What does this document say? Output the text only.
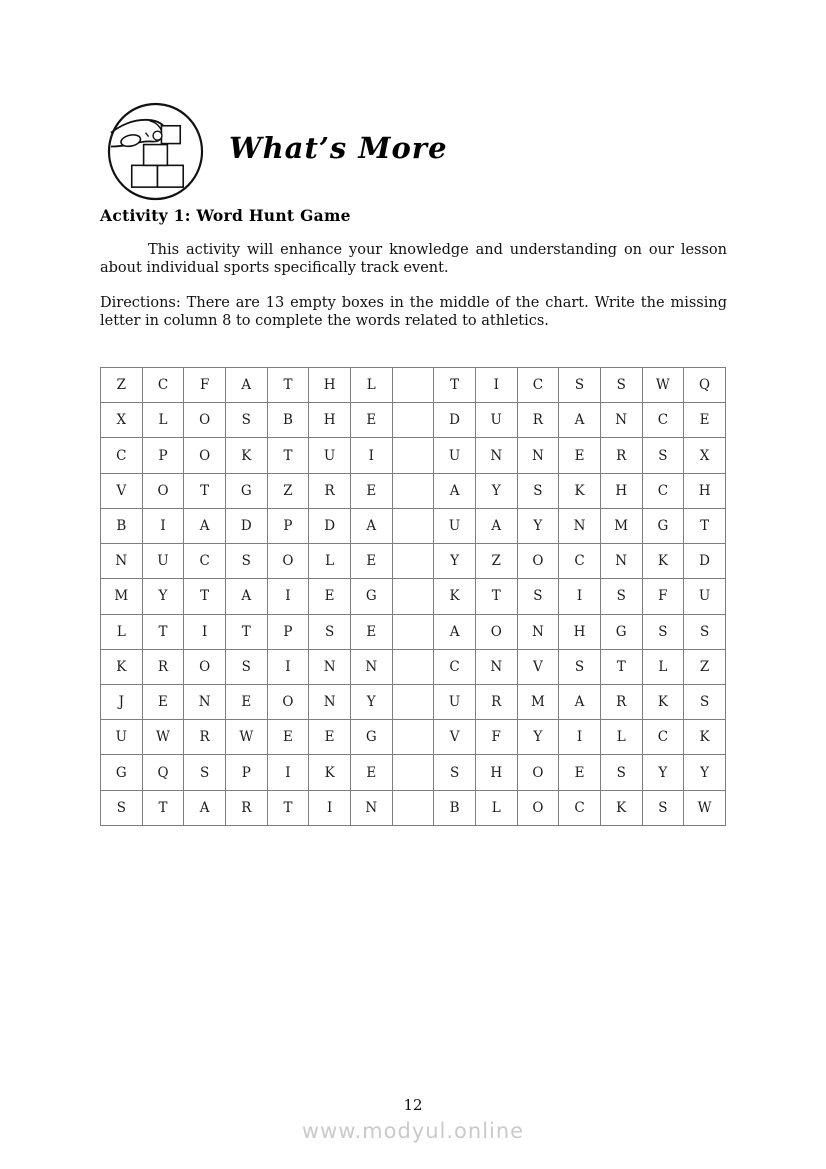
What’s More
Activity 1: Word Hunt Game

This activity will enhance your knowledge and understanding on our lesson about individual sports specifically track event.

Directions: There are 13 empty boxes in the middle of the chart. Write the missing letter in column 8 to complete the words related to athletics.

Z	C	F	A	T	H	L		T	I	C	S	S	W	Q
X	L	O	S	B	H	E		D	U	R	A	N	C	E
C	P	O	K	T	U	I		U	N	N	E	R	S	X
V	O	T	G	Z	R	E		A	Y	S	K	H	C	H
B	I	A	D	P	D	A		U	A	Y	N	M	G	T
N	U	C	S	O	L	E		Y	Z	O	C	N	K	D
M	Y	T	A	I	E	G		K	T	S	I	S	F	U
L	T	I	T	P	S	E		A	O	N	H	G	S	S
K	R	O	S	I	N	N		C	N	V	S	T	L	Z
J	E	N	E	O	N	Y		U	R	M	A	R	K	S
U	W	R	W	E	E	G		V	F	Y	I	L	C	K
G	Q	S	P	I	K	E		S	H	O	E	S	Y	Y
S	T	A	R	T	I	N		B	L	O	C	K	S	W
12
www.modyul.online
